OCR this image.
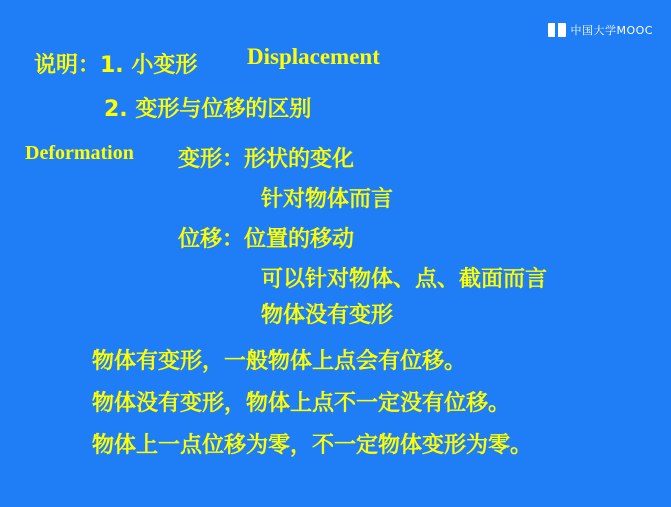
中国大学MOOC
说明：1. 小变形 Displacement
2. 变形与位移的区别
Deformation 变形：形状的变化
针对物体而言
位移：位置的移动
可以针对物体、点、截面而言
物体没有变形
物体有变形，一般物体上点会有位移。
物体没有变形，物体上点不一定没有位移。
物体上一点位移为零，不一定物体变形为零。
